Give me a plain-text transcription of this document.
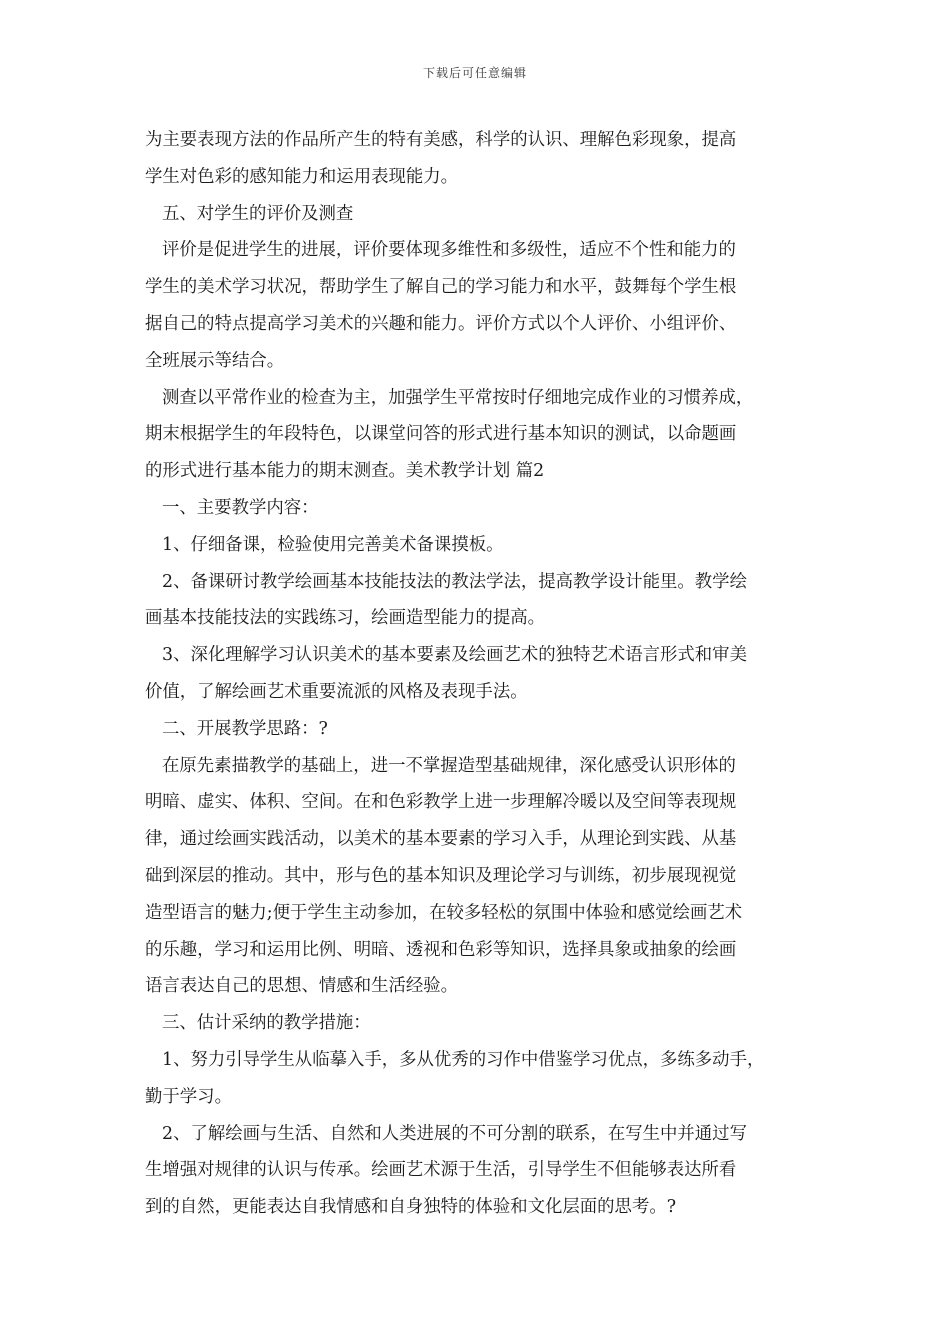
下载后可任意编辑
为主要表现方法的作品所产生的特有美感，科学的认识、理解色彩现象，提高
学生对色彩的感知能力和运用表现能力。
五、对学生的评价及测查
评价是促进学生的进展，评价要体现多维性和多级性，适应不个性和能力的
学生的美术学习状况，帮助学生了解自己的学习能力和水平，鼓舞每个学生根
据自己的特点提高学习美术的兴趣和能力。评价方式以个人评价、小组评价、
全班展示等结合。
测查以平常作业的检查为主，加强学生平常按时仔细地完成作业的习惯养成，
期末根据学生的年段特色，以课堂问答的形式进行基本知识的测试，以命题画
的形式进行基本能力的期末测查。美术教学计划 篇2
一、主要教学内容：
1、仔细备课，检验使用完善美术备课摸板。
2、备课研讨教学绘画基本技能技法的教法学法，提高教学设计能里。教学绘
画基本技能技法的实践练习，绘画造型能力的提高。
3、深化理解学习认识美术的基本要素及绘画艺术的独特艺术语言形式和审美
价值，了解绘画艺术重要流派的风格及表现手法。
二、开展教学思路：?
在原先素描教学的基础上，进一不掌握造型基础规律，深化感受认识形体的
明暗、虚实、体积、空间。在和色彩教学上进一步理解冷暖以及空间等表现规
律，通过绘画实践活动，以美术的基本要素的学习入手，从理论到实践、从基
础到深层的推动。其中，形与色的基本知识及理论学习与训练，初步展现视觉
造型语言的魅力;便于学生主动参加，在较多轻松的氛围中体验和感觉绘画艺术
的乐趣，学习和运用比例、明暗、透视和色彩等知识，选择具象或抽象的绘画
语言表达自己的思想、情感和生活经验。
三、估计采纳的教学措施：
1、努力引导学生从临摹入手，多从优秀的习作中借鉴学习优点，多练多动手，
勤于学习。
2、了解绘画与生活、自然和人类进展的不可分割的联系，在写生中并通过写
生增强对规律的认识与传承。绘画艺术源于生活，引导学生不但能够表达所看
到的自然，更能表达自我情感和自身独特的体验和文化层面的思考。?
